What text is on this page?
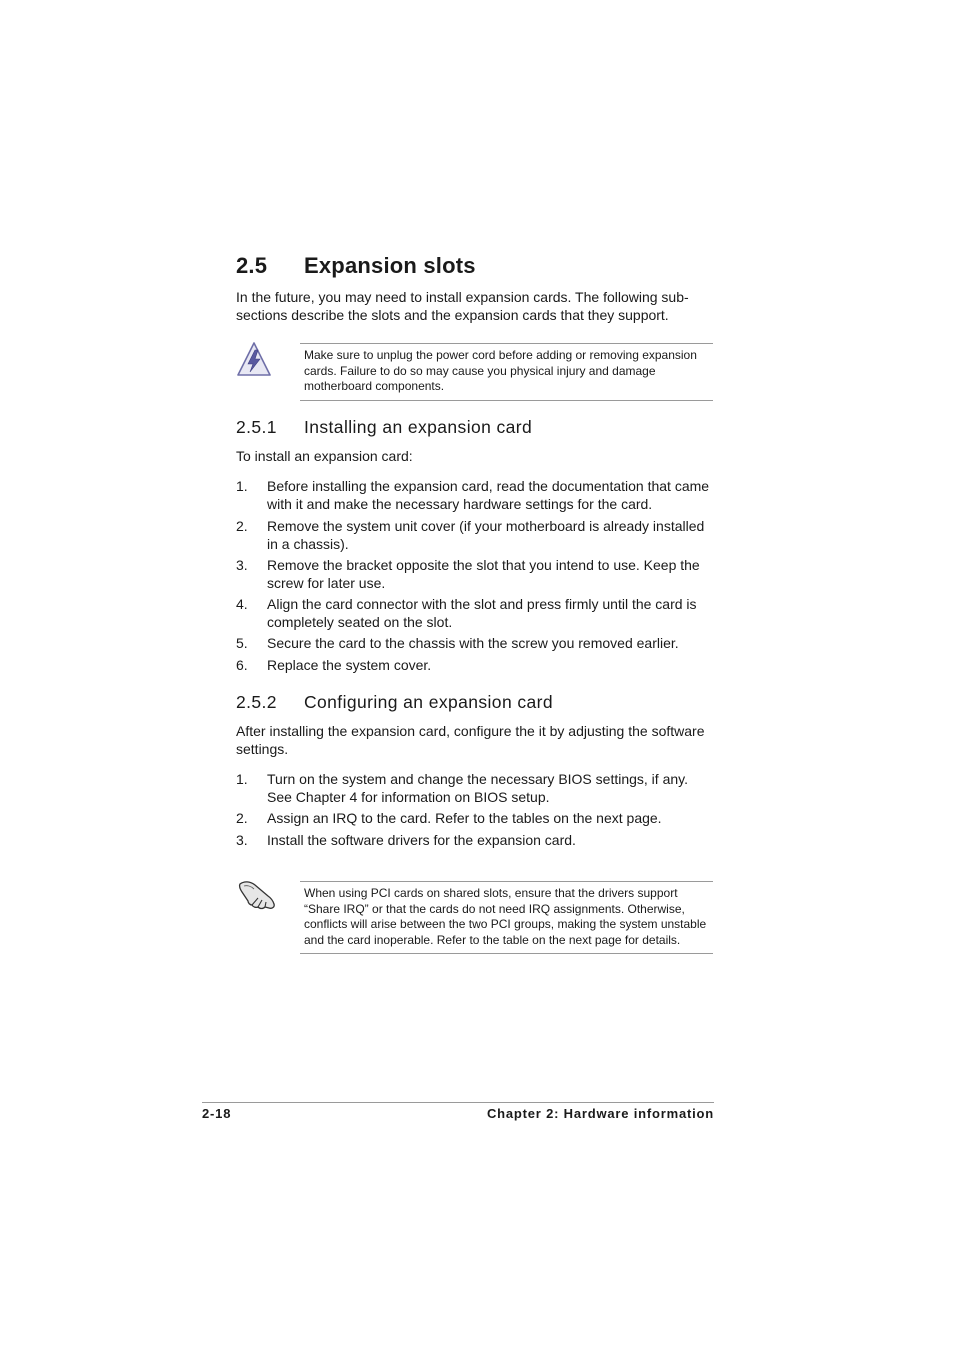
2.5 Expansion slots
In the future, you may need to install expansion cards. The following sub-sections describe the slots and the expansion cards that they support.
Make sure to unplug the power cord before adding or removing expansion cards. Failure to do so may cause you physical injury and damage motherboard components.
2.5.1 Installing an expansion card
To install an expansion card:
1.	Before installing the expansion card, read the documentation that came with it and make the necessary hardware settings for the card.
2.	Remove the system unit cover (if your motherboard is already installed in a chassis).
3.	Remove the bracket opposite the slot that you intend to use. Keep the screw for later use.
4.	Align the card connector with the slot and press firmly until the card is completely seated on the slot.
5.	Secure the card to the chassis with the screw you removed earlier.
6.	Replace the system cover.
2.5.2 Configuring an expansion card
After installing the expansion card, configure the it by adjusting the software settings.
1.	Turn on the system and change the necessary BIOS settings, if any. See Chapter 4 for information on BIOS setup.
2.	Assign an IRQ to the card. Refer to the tables on the next page.
3.	Install the software drivers for the expansion card.
When using PCI cards on shared slots, ensure that the drivers support “Share IRQ” or that the cards do not need IRQ assignments. Otherwise, conflicts will arise between the two PCI groups, making the system unstable and the card inoperable. Refer to the table on the next page for details.
2-18	Chapter 2: Hardware information
